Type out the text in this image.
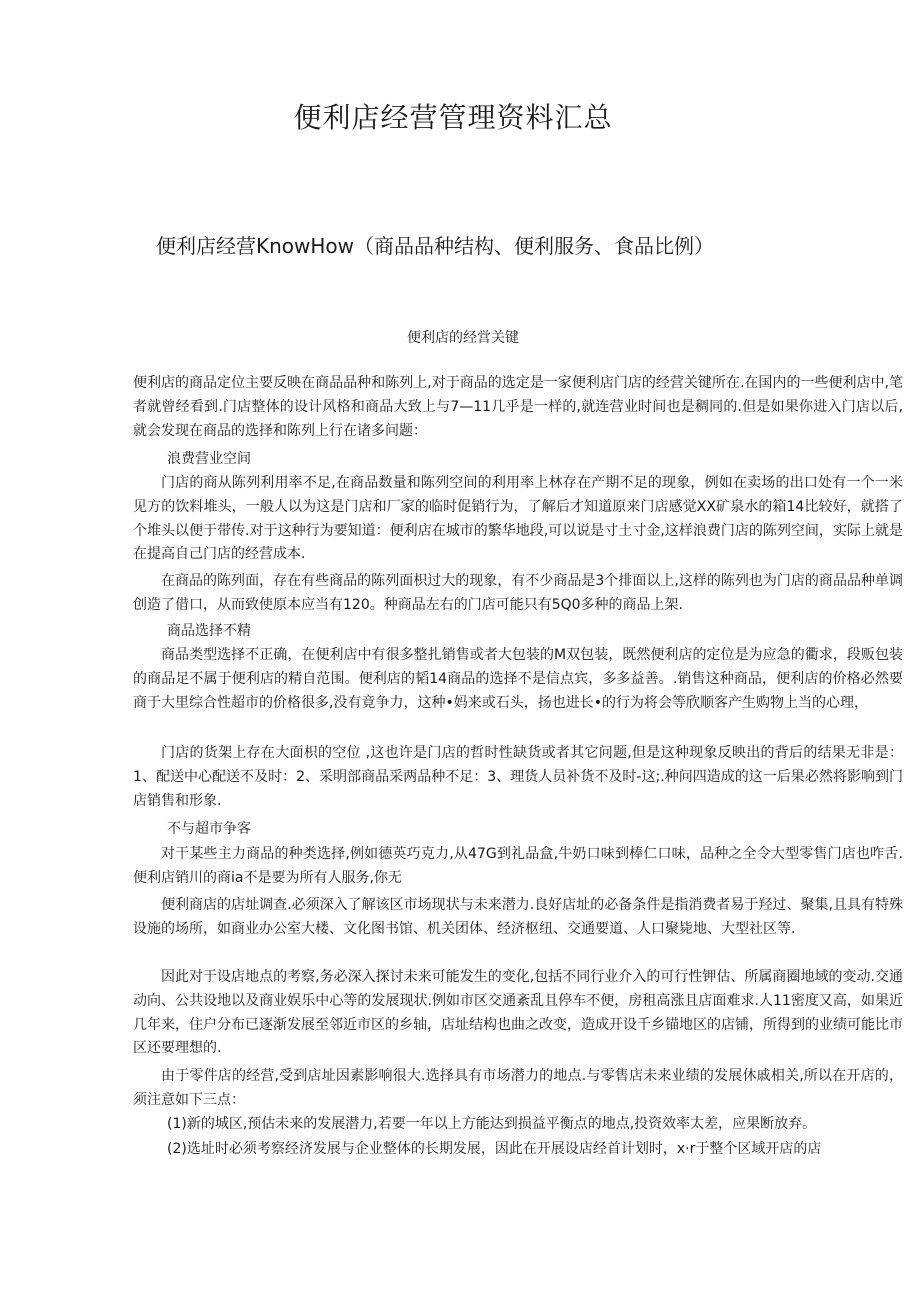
便利店经营管理资料汇总
便利店经营KnowHow（商品品种结构、便利服务、食品比例）
便利店的经営关键

便利店的商品定位主要反映在商品品种和陈列上,对于商品的选定是一家便利店门店的经营关键所在.在国内的一些便利店中,笔者就曾经看到.门店整体的设计风格和商品大致上与7—11几乎是一样的,就连营业时间也是稠同的.但是如果你进入门店以后,就会发现在商品的选择和陈列上行在诸多问题：

浪费营业空间

门店的商从陈列利用率不足,在商品数量和陈列空间的利用率上林存在产期不足的现象，例如在卖场的出口处有一个一米见方的饮料堆头，一般人以为这是门店和厂家的临时促销行为，了解后才知道原来门店感觉XX矿泉水的箱14比较好，就搭了个堆头以便于带传.对于这种行为要知道：便利店在城市的繁华地段,可以说是寸土寸金,这样浪费门店的陈列空间，实际上就是在提高自己门店的经营成本.

在商品的陈列面，存在有些商品的陈列面枳过大的现象，有不少商品是3个排面以上,这样的陈列也为门店的商品品种单调创造了借口，从而致使原本应当有120。种商品左右的门店可能只有5Q0多种的商品上架.

商品选择不精

商品类型选择不正确，在便利店中有很多整扎销售或者大包装的M双包装，既然便利店的定位是为应急的衢求，段贩包装的商品足不属于便利店的精自范围。便利店的韬14商品的选择不是信点宾，多多益善。.销售这种商品，便利店的价格必然要商于大里综合性超市的价格很多,没有竟争力，这种•妈来或石头，扬也进长•的行为将会等欣顺客产生购物上当的心理，

门店的货架上存在大面枳的空位 ,这也许是门店的哲时性缺货或者其它问题,但是这种现象反映出的背后的结果无非是：1、配送中心配送不及时：2、采明部商品采两品种不足：3、理货人员补货不及时-这;.种问四造成的这一后果必然将影响到门店销售和形象.

不与超市争客

对干某些主力商品的种类选择,例如德英巧克力,从47G到礼品盒,牛奶口味到棒仁口味，品种之全令大型零售门店也咋舌.便利店销川的商ia不是要为所有人服务,你无

便利商店的店址调查.必须深入了解该区市场现状与未来潜力.良好店址的必备条件是指消费者易于羟过、聚集,且具有特殊设施的场所，如商业办公室大楼、文化图书馆、机关团体、经济枢纽、交通要道、人口聚毙地、大型社区等.

因此对于设店地点的考察,务必深入探讨未来可能发生的变化,包括不同行业介入的可行性钾估、所属商圈地域的变动.交通动向、公共设地以及商业娱乐中心等的发展现状.例如市区交通紊乱且停车不便，房租高涨且店面难求.人11密度又高，如果近几年来，住户分布已逐渐发展至邻近市区的乡轴，店址结构也曲之改变，造成开设千乡锚地区的店铺，所得到的业绩可能比市区还要理想的.

由于零件店的经营,受到店址因素影响很大.选择具有市场潜力的地点.与零售店未来业绩的发展休戚相关,所以在开店的，须注意如下三点：

(1)新的城区,预估未来的发展潜力,若要一年以上方能达到损益平衡点的地点,投资效率太差，应果断放弃。

(2)选址时必须考察经济发展与企业整体的长期发展，因此在开展设店经首计划时，x·r于整个区域开店的店
